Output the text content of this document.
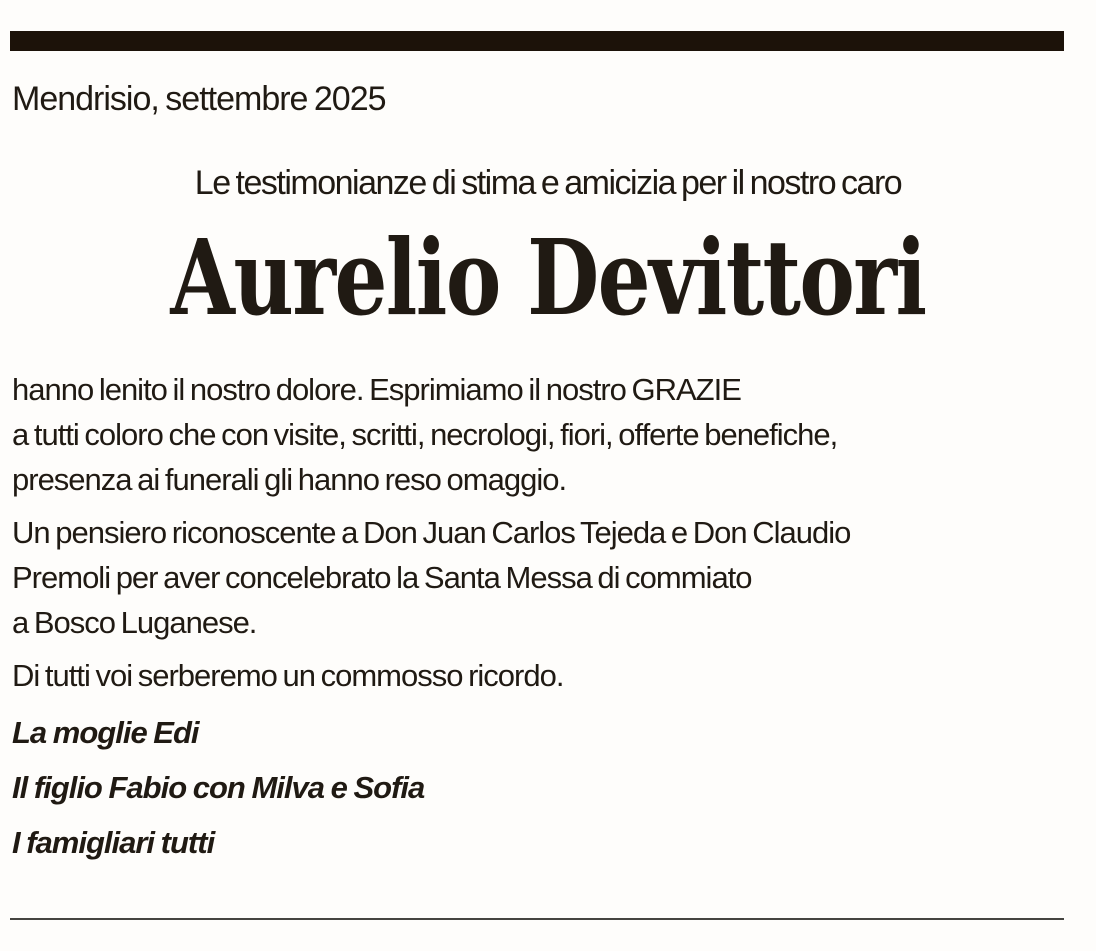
Mendrisio, settembre 2025
Le testimonianze di stima e amicizia per il nostro caro
Aurelio Devittori

hanno lenito il nostro dolore. Esprimiamo il nostro GRAZIE
a tutti coloro che con visite, scritti, necrologi, fiori, offerte benefiche,
presenza ai funerali gli hanno reso omaggio.

Un pensiero riconoscente a Don Juan Carlos Tejeda e Don Claudio
Premoli per aver concelebrato la Santa Messa di commiato
a Bosco Luganese.

Di tutti voi serberemo un commosso ricordo.

La moglie Edi
Il figlio Fabio con Milva e Sofia
I famigliari tutti
